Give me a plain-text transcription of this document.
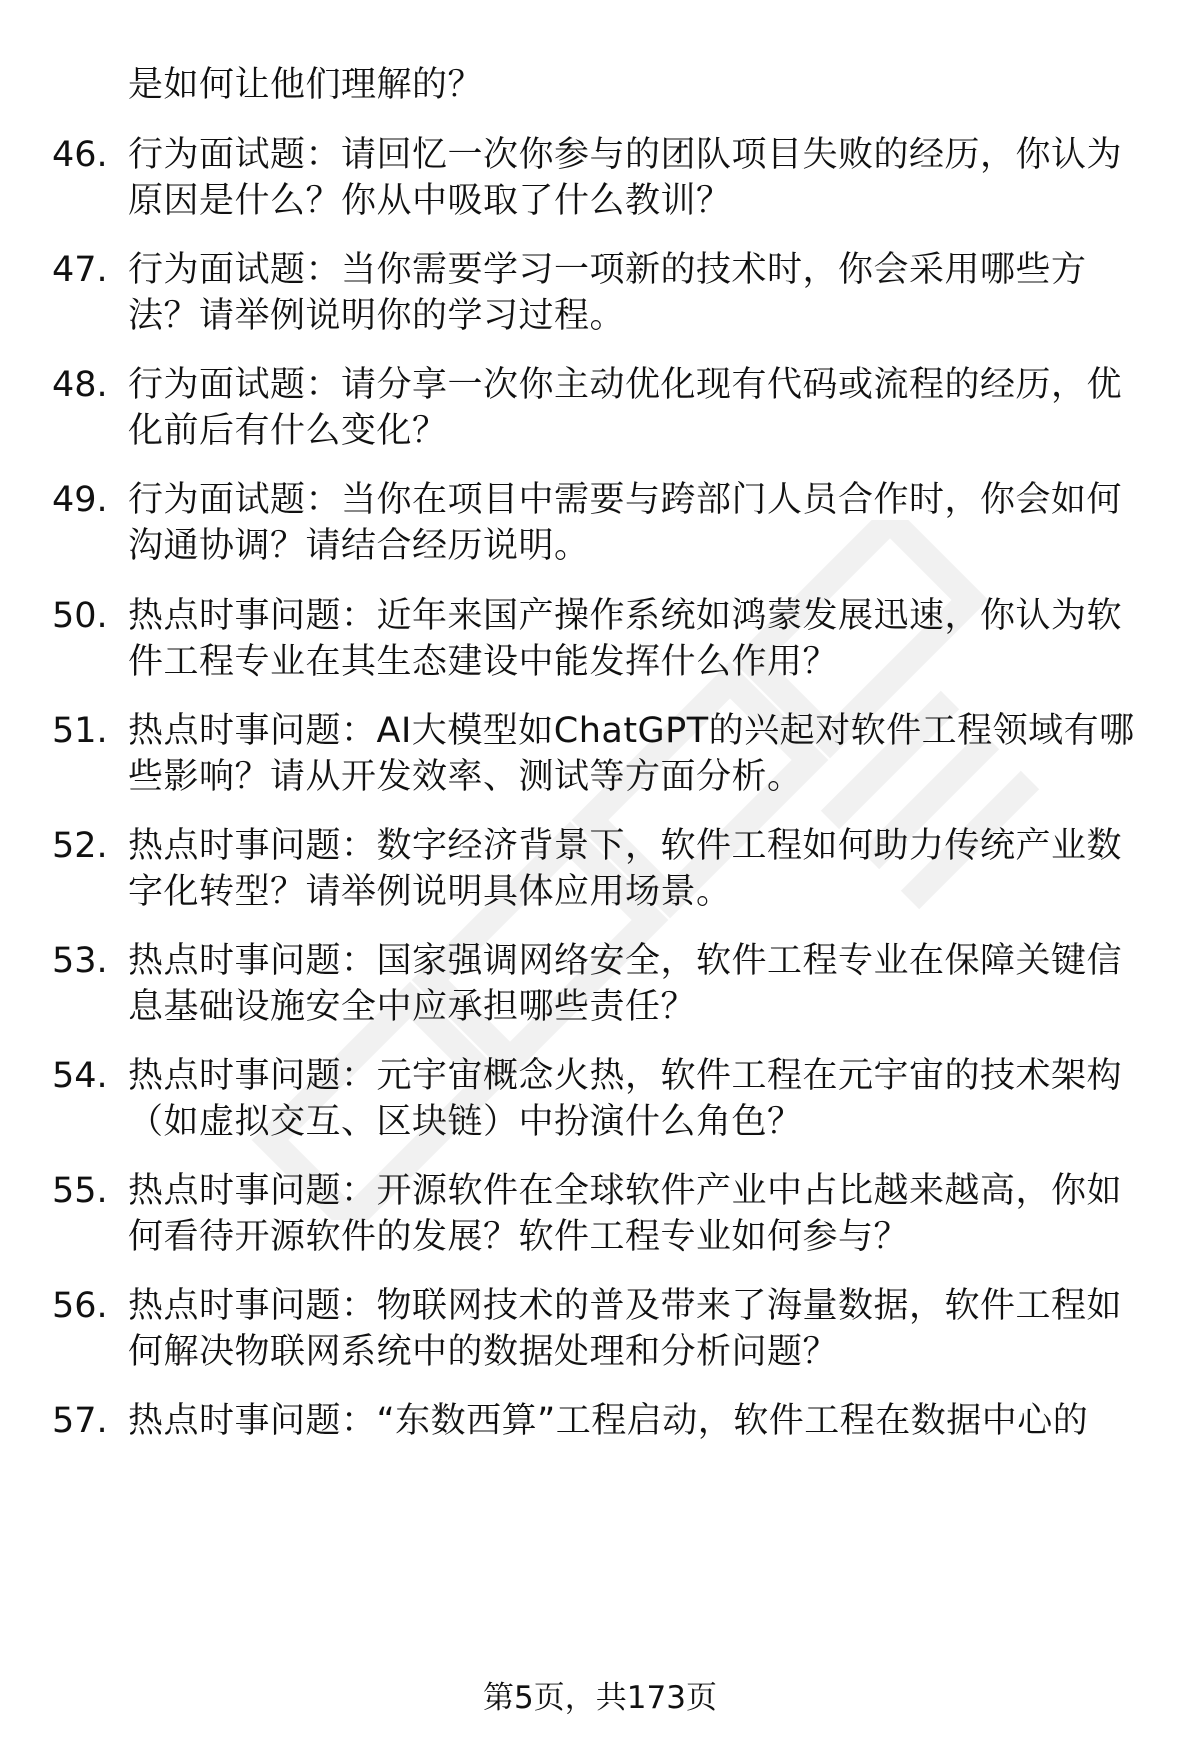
是如何让他们理解的？
46. 行为面试题：请回忆一次你参与的团队项目失败的经历，你认为
原因是什么？你从中吸取了什么教训？
47. 行为面试题：当你需要学习一项新的技术时，你会采用哪些方
法？请举例说明你的学习过程。
48. 行为面试题：请分享一次你主动优化现有代码或流程的经历，优
化前后有什么变化？
49. 行为面试题：当你在项目中需要与跨部门人员合作时，你会如何
沟通协调？请结合经历说明。
50. 热点时事问题：近年来国产操作系统如鸿蒙发展迅速，你认为软
件工程专业在其生态建设中能发挥什么作用？
51. 热点时事问题：AI大模型如ChatGPT的兴起对软件工程领域有哪
些影响？请从开发效率、测试等方面分析。
52. 热点时事问题：数字经济背景下，软件工程如何助力传统产业数
字化转型？请举例说明具体应用场景。
53. 热点时事问题：国家强调网络安全，软件工程专业在保障关键信
息基础设施安全中应承担哪些责任？
54. 热点时事问题：元宇宙概念火热，软件工程在元宇宙的技术架构
（如虚拟交互、区块链）中扮演什么角色？
55. 热点时事问题：开源软件在全球软件产业中占比越来越高，你如
何看待开源软件的发展？软件工程专业如何参与？
56. 热点时事问题：物联网技术的普及带来了海量数据，软件工程如
何解决物联网系统中的数据处理和分析问题？
57. 热点时事问题：“东数西算”工程启动，软件工程在数据中心的
第5页，共173页
